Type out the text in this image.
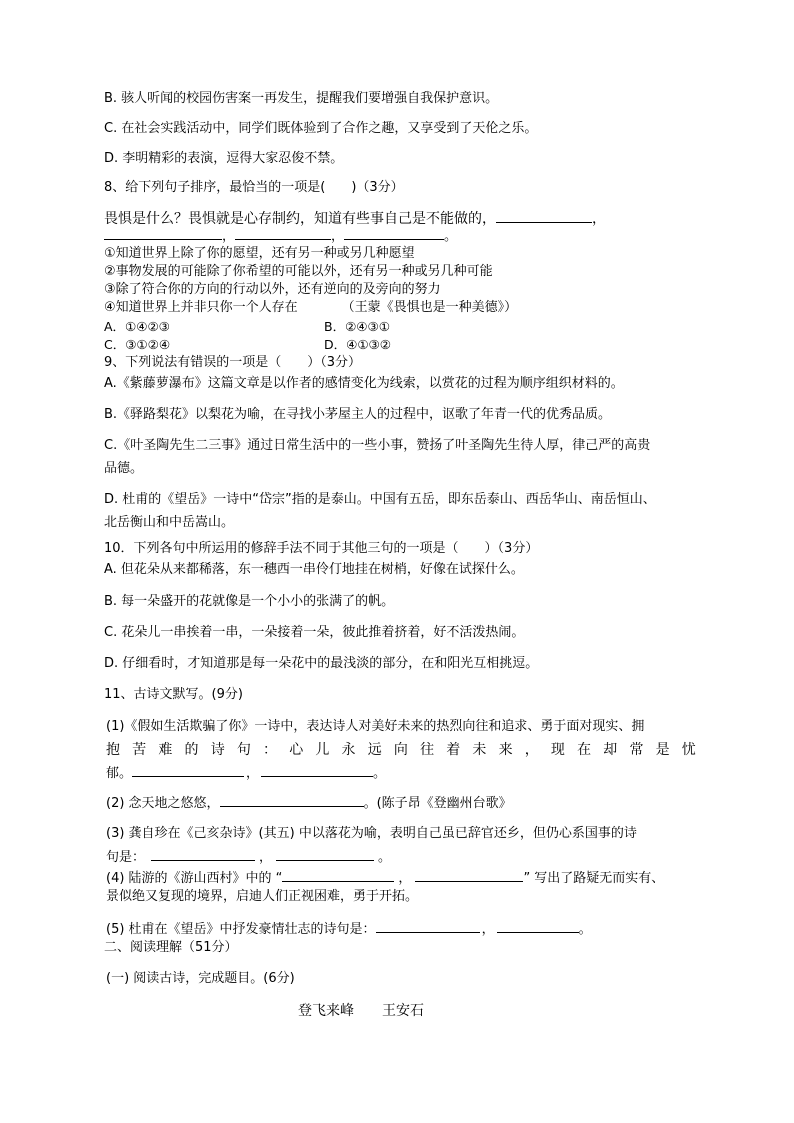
B. 骇人听闻的校园伤害案一再发生，提醒我们要增强自我保护意识。

C. 在社会实践活动中，同学们既体验到了合作之趣，又享受到了天伦之乐。

D. 李明精彩的表演，逗得大家忍俊不禁。

8、给下列句子排序，最恰当的一项是(　　)（3分）

畏惧是什么？畏惧就是心存制约，知道有些事自己是不能做的，	，

，	，	。

①知道世界上除了你的愿望，还有另一种或另几种愿望

②事物发展的可能除了你希望的可能以外，还有另一种或另几种可能

③除了符合你的方向的行动以外，还有逆向的及旁向的努力

④知道世界上并非只你一个人存在	（王蒙《畏惧也是一种美德》）

A．①④②③	B．②④③①

C．③①②④	D．④①③②

9、下列说法有错误的一项是（　　）（3分）

A.《紫藤萝瀑布》这篇文章是以作者的感情变化为线索，以赏花的过程为顺序组织材料的。

B.《驿路梨花》以梨花为喻，在寻找小茅屋主人的过程中，讴歌了年青一代的优秀品质。

C.《叶圣陶先生二三事》通过日常生活中的一些小事，赞扬了叶圣陶先生待人厚，律己严的高贵

品德。

D. 杜甫的《望岳》一诗中“岱宗”指的是泰山。中国有五岳，即东岳泰山、西岳华山、南岳恒山、

北岳衡山和中岳嵩山。

10．下列各句中所运用的修辞手法不同于其他三句的一项是（　　）（3分）

A. 但花朵从来都稀落，东一穗西一串伶仃地挂在树梢，好像在试探什么。

B. 每一朵盛开的花就像是一个小小的张满了的帆。

C. 花朵儿一串挨着一串，一朵接着一朵，彼此推着挤着，好不活泼热闹。

D. 仔细看时，才知道那是每一朵花中的最浅淡的部分，在和阳光互相挑逗。

11、古诗文默写。(9分)

(1)《假如生活欺骗了你》一诗中，表达诗人对美好未来的热烈向往和追求、勇于面对现实、拥

抱 苦 难 的 诗 句 ： 心 儿 永 远 向 往 着 未 来 ， 现 在 却 常 是 忧

郁。	，	。

(2) 念天地之悠悠，	。(陈子昂《登幽州台歌》

(3) 龚自珍在《己亥杂诗》(其五) 中以落花为喻，表明自己虽已辞官还乡，但仍心系国事的诗

句是：	，	。

(4) 陆游的《游山西村》中的 “	，	” 写出了路疑无而实有、

景似绝又复现的境界，启迪人们正视困难，勇于开拓。

(5) 杜甫在《望岳》中抒发豪情壮志的诗句是：	，	。

二、阅读理解（51分）

(一) 阅读古诗，完成题目。(6分)

登飞来峰 王安石
